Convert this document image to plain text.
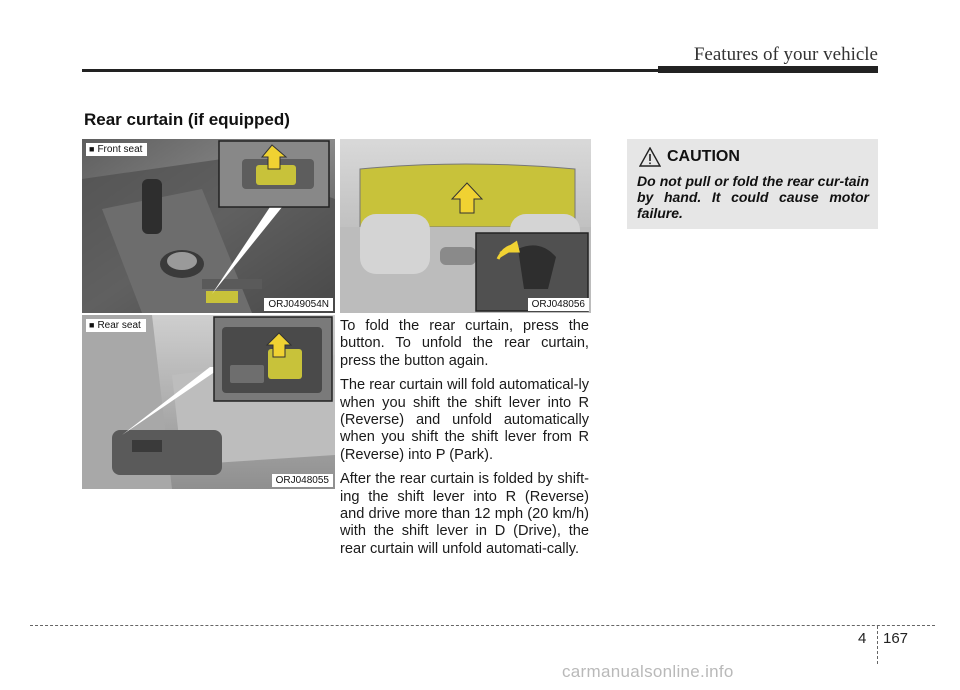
Features of your vehicle
Rear curtain (if equipped)
■ Front seat
ORJ049054N
■ Rear seat
ORJ048055
ORJ048056

To fold the rear curtain, press the button. To unfold the rear curtain, press the button again.

The rear curtain will fold automatical-ly when you shift the shift lever into R (Reverse) and unfold automatically when you shift the shift lever from R (Reverse) into P (Park).

After the rear curtain is folded by shift-ing the shift lever into R (Reverse) and drive more than 12 mph (20 km/h) with the shift lever in D (Drive), the rear curtain will unfold automati-cally.

CAUTION
Do not pull or fold the rear cur-tain by hand. It could cause motor failure.
4 167
carmanualsonline.info
